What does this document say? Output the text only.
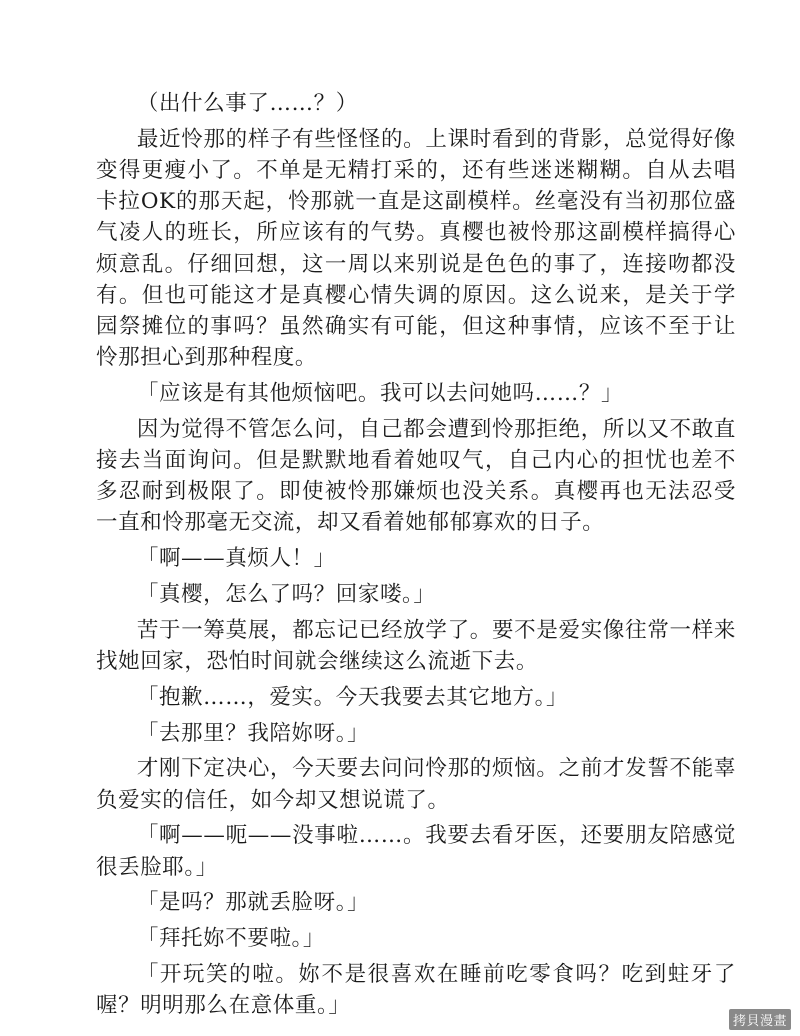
（出什么事了……？）

最近怜那的样子有些怪怪的。上课时看到的背影，总觉得好像变得更瘦小了。不单是无精打采的，还有些迷迷糊糊。自从去唱卡拉OK的那天起，怜那就一直是这副模样。丝毫没有当初那位盛气凌人的班长，所应该有的气势。真樱也被怜那这副模样搞得心烦意乱。仔细回想，这一周以来别说是色色的事了，连接吻都没有。但也可能这才是真樱心情失调的原因。这么说来，是关于学园祭摊位的事吗？虽然确实有可能，但这种事情，应该不至于让怜那担心到那种程度。

「应该是有其他烦恼吧。我可以去问她吗……？」

因为觉得不管怎么问，自己都会遭到怜那拒绝，所以又不敢直接去当面询问。但是默默地看着她叹气，自己内心的担忧也差不多忍耐到极限了。即使被怜那嫌烦也没关系。真樱再也无法忍受一直和怜那毫无交流，却又看着她郁郁寡欢的日子。

「啊——真烦人！」

「真樱，怎么了吗？回家喽。」

苦于一筹莫展，都忘记已经放学了。要不是爱实像往常一样来找她回家，恐怕时间就会继续这么流逝下去。

「抱歉……，爱实。今天我要去其它地方。」

「去那里？我陪妳呀。」

才刚下定决心，今天要去问问怜那的烦恼。之前才发誓不能辜负爱实的信任，如今却又想说谎了。

「啊——呃——没事啦……。我要去看牙医，还要朋友陪感觉很丢脸耶。」

「是吗？那就丢脸呀。」

「拜托妳不要啦。」

「开玩笑的啦。妳不是很喜欢在睡前吃零食吗？吃到蛀牙了喔？明明那么在意体重。」

拷貝漫畫
